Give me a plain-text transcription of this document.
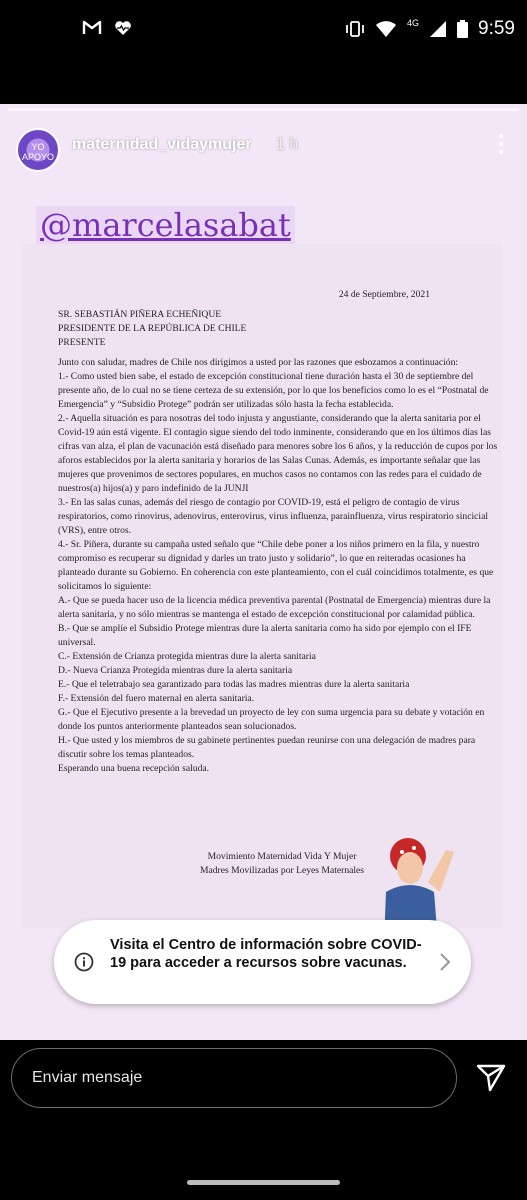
4G	9:59
YO APOYO
maternidad_vidaymujer 1 h
@marcelasabat
24 de Septiembre, 2021
SR. SEBASTIÁN PIÑERA ECHEÑIQUE
PRESIDENTE DE LA REPÚBLICA DE CHILE
PRESENTE

Junto con saludar, madres de Chile nos dirigimos a usted por las razones que esbozamos a continuación:

1.- Como usted bien sabe, el estado de excepción constitucional tiene duración hasta el 30 de septiembre del presente año, de lo cual no se tiene certeza de su extensión, por lo que los beneficios como lo es el “Postnatal de Emergencia” y “Subsidio Protege” podrán ser utilizadas sólo hasta la fecha establecida.

2.- Aquella situación es para nosotras del todo injusta y angustiante, considerando que la alerta sanitaria por el Covid-19 aún está vigente. El contagio sigue siendo del todo inminente, considerando que en los últimos días las cifras van alza, el plan de vacunación está diseñado para menores sobre los 6 años, y la reducción de cupos por los aforos establecidos por la alerta sanitaria y horarios de las Salas Cunas. Además, es importante señalar que las mujeres que provenimos de sectores populares, en muchos casos no contamos con las redes para el cuidado de nuestros(a) hijos(a) y paro indefinido de la JUNJI

3.- En las salas cunas, además del riesgo de contagio por COVID-19, está el peligro de contagio de virus respiratorios, como rinovirus, adenovirus, enterovirus, virus influenza, parainfluenza, virus respiratorio sincicial (VRS), entre otros.

4.- Sr. Piñera, durante su campaña usted señalo que “Chile debe poner a los niños primero en la fila, y nuestro compromiso es recuperar su dignidad y darles un trato justo y solidario”, lo que en reiteradas ocasiones ha planteado durante su Gobierno. En coherencia con este planteamiento, con el cuál coincidimos totalmente, es que solicitamos lo siguiente:

A.- Que se pueda hacer uso de la licencia médica preventiva parental (Postnatal de Emergencia) mientras dure la alerta sanitaria, y no sólo mientras se mantenga el estado de excepción constitucional por calamidad pública.

B.- Que se amplíe el Subsidio Protege mientras dure la alerta sanitaria como ha sido por ejemplo con el IFE universal.

C.- Extensión de Crianza protegida mientras dure la alerta sanitaria

D.- Nueva Crianza Protegida mientras dure la alerta sanitaria

E.- Que el teletrabajo sea garantizado para todas las madres mientras dure la alerta sanitaria

F.- Extensión del fuero maternal en alerta sanitaria.

G.- Que el Ejecutivo presente a la brevedad un proyecto de ley con suma urgencia para su debate y votación en donde los puntos anteriormente planteados sean solucionados.

H.- Que usted y los miembros de su gabinete pertinentes puedan reunirse con una delegación de madres para discutir sobre los temas planteados.

Esperando una buena recepción saluda.

Movimiento Maternidad Vida Y Mujer
Madres Movilizadas por Leyes Maternales
Visita el Centro de información sobre COVID-19 para acceder a recursos sobre vacunas.
Enviar mensaje
